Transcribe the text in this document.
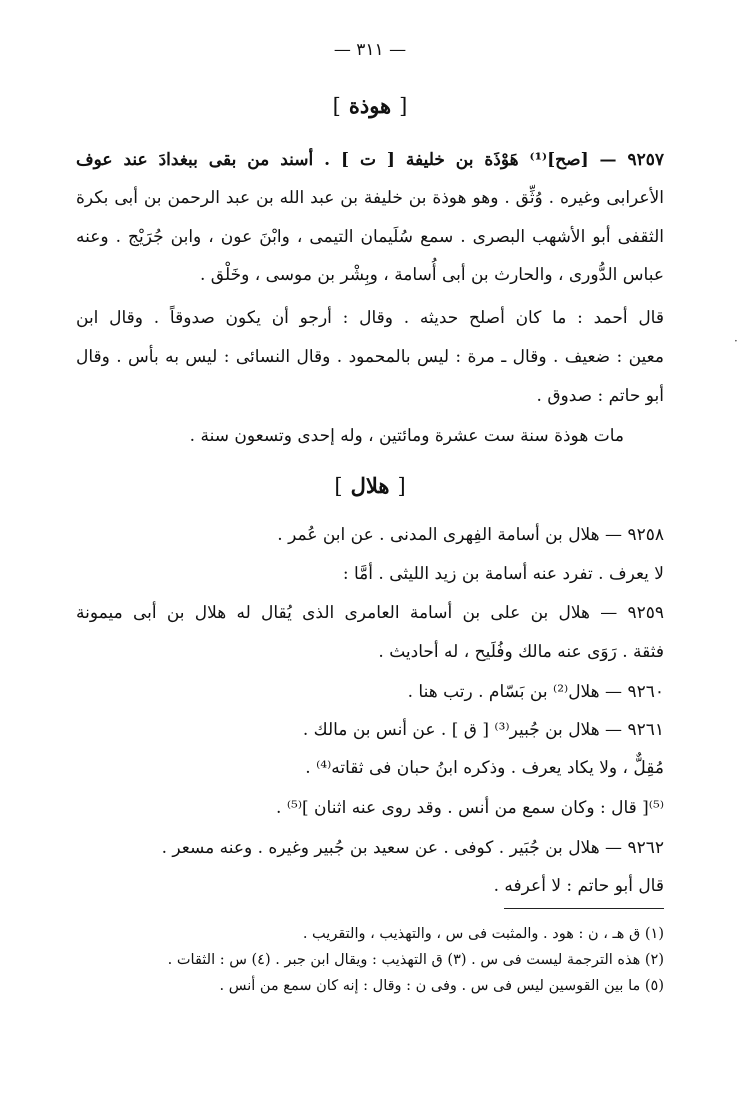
— ٣١١ —
[ هوذة ]
٩٢٥٧ — [صح]⁽¹⁾ هَوْذَة بن خليفة [ ت ] . أسند من بقى ببغدادَ عند عوف
الأعرابى وغيره . وُثِّق . وهو هوذة بن خليفة بن عبد الله بن عبد الرحمن بن أبى بكرة
الثقفى أبو الأشهب البصرى . سمع سُلَيمان التيمى ، وابْنَ عون ، وابن جُرَيْج . وعنه
عباس الدُّورى ، والحارث بن أبى أُسامة ، وبِشْر بن موسى ، وخَلْق .
قال أحمد : ما كان أصلح حديثه . وقال : أرجو أن يكون صدوقاً . وقال ابن
معين : ضعيف . وقال ـ مرة : ليس بالمحمود . وقال النسائى : ليس به بأس . وقال
أبو حاتم : صدوق .
مات هوذة سنة ست عشرة ومائتين ، وله إحدى وتسعون سنة .
[ هلال ]
٩٢٥٨ — هلال بن أسامة الفِهرى المدنى . عن ابن عُمر .
لا يعرف . تفرد عنه أسامة بن زيد الليثى . أمَّا :
٩٢٥٩ — هلال بن على بن أسامة العامرى الذى يُقال له هلال بن أبى ميمونة
فثقة . رَوَى عنه مالك وفُلَيح ، له أحاديث .
٩٢٦٠ — هلال⁽²⁾ بن بَسّام . رتب هنا .
٩٢٦١ — هلال بن جُبير⁽³⁾ [ ق ] . عن أنس بن مالك .
مُقِلٌّ ، ولا يكاد يعرف . وذكره ابنُ حبان فى ثقاته⁽⁴⁾ .
⁽⁵⁾[ قال : وكان سمع من أنس . وقد روى عنه اثنان ]⁽⁵⁾ .
٩٢٦٢ — هلال بن جُبَير . كوفى . عن سعيد بن جُبير وغيره . وعنه مسعر .
قال أبو حاتم : لا أعرفه .
(١) ق هـ ، ن : هود . والمثبت فى س ، والتهذيب ، والتقريب .
(٢) هذه الترجمة ليست فى س . (٣) ق التهذيب : ويقال ابن جبر . (٤) س : الثقات .
(٥) ما بين القوسين ليس فى س . وفى ن : وقال : إنه كان سمع من أنس .
·
